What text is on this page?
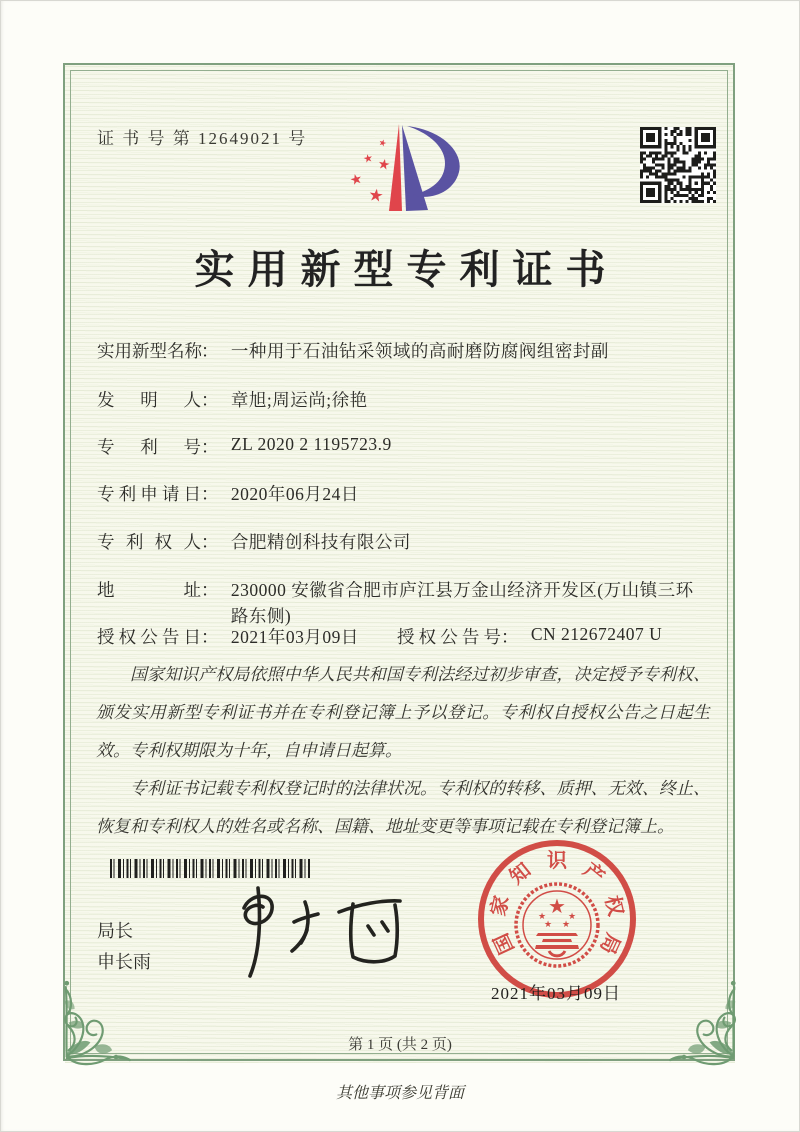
证 书 号 第 12649021 号	★
★ ★
★
★
实用新型专利证书
实用新型名称： 一种用于石油钻采领域的高耐磨防腐阀组密封副
发明人： 章旭;周运尚;徐艳
专利号： ZL 2020 2 1195723.9
专利申请日： 2020年06月24日
专利权人： 合肥精创科技有限公司
地址： 230000 安徽省合肥市庐江县万金山经济开发区(万山镇三环路东侧)
授权公告日： 2021年03月09日 授权公告号： CN 212672407 U

国家知识产权局依照中华人民共和国专利法经过初步审查，决定授予专利权、颁发实用新型专利证书并在专利登记簿上予以登记。专利权自授权公告之日起生效。专利权期限为十年，自申请日起算。

专利证书记载专利权登记时的法律状况。专利权的转移、质押、无效、终止、恢复和专利权人的姓名或名称、国籍、地址变更等事项记载在专利登记簿上。

局长
申长雨
国
家
知 识 产
权
局
★
★ ★
★ ★
2021年03月09日
第 1 页 (共 2 页)
其他事项参见背面
